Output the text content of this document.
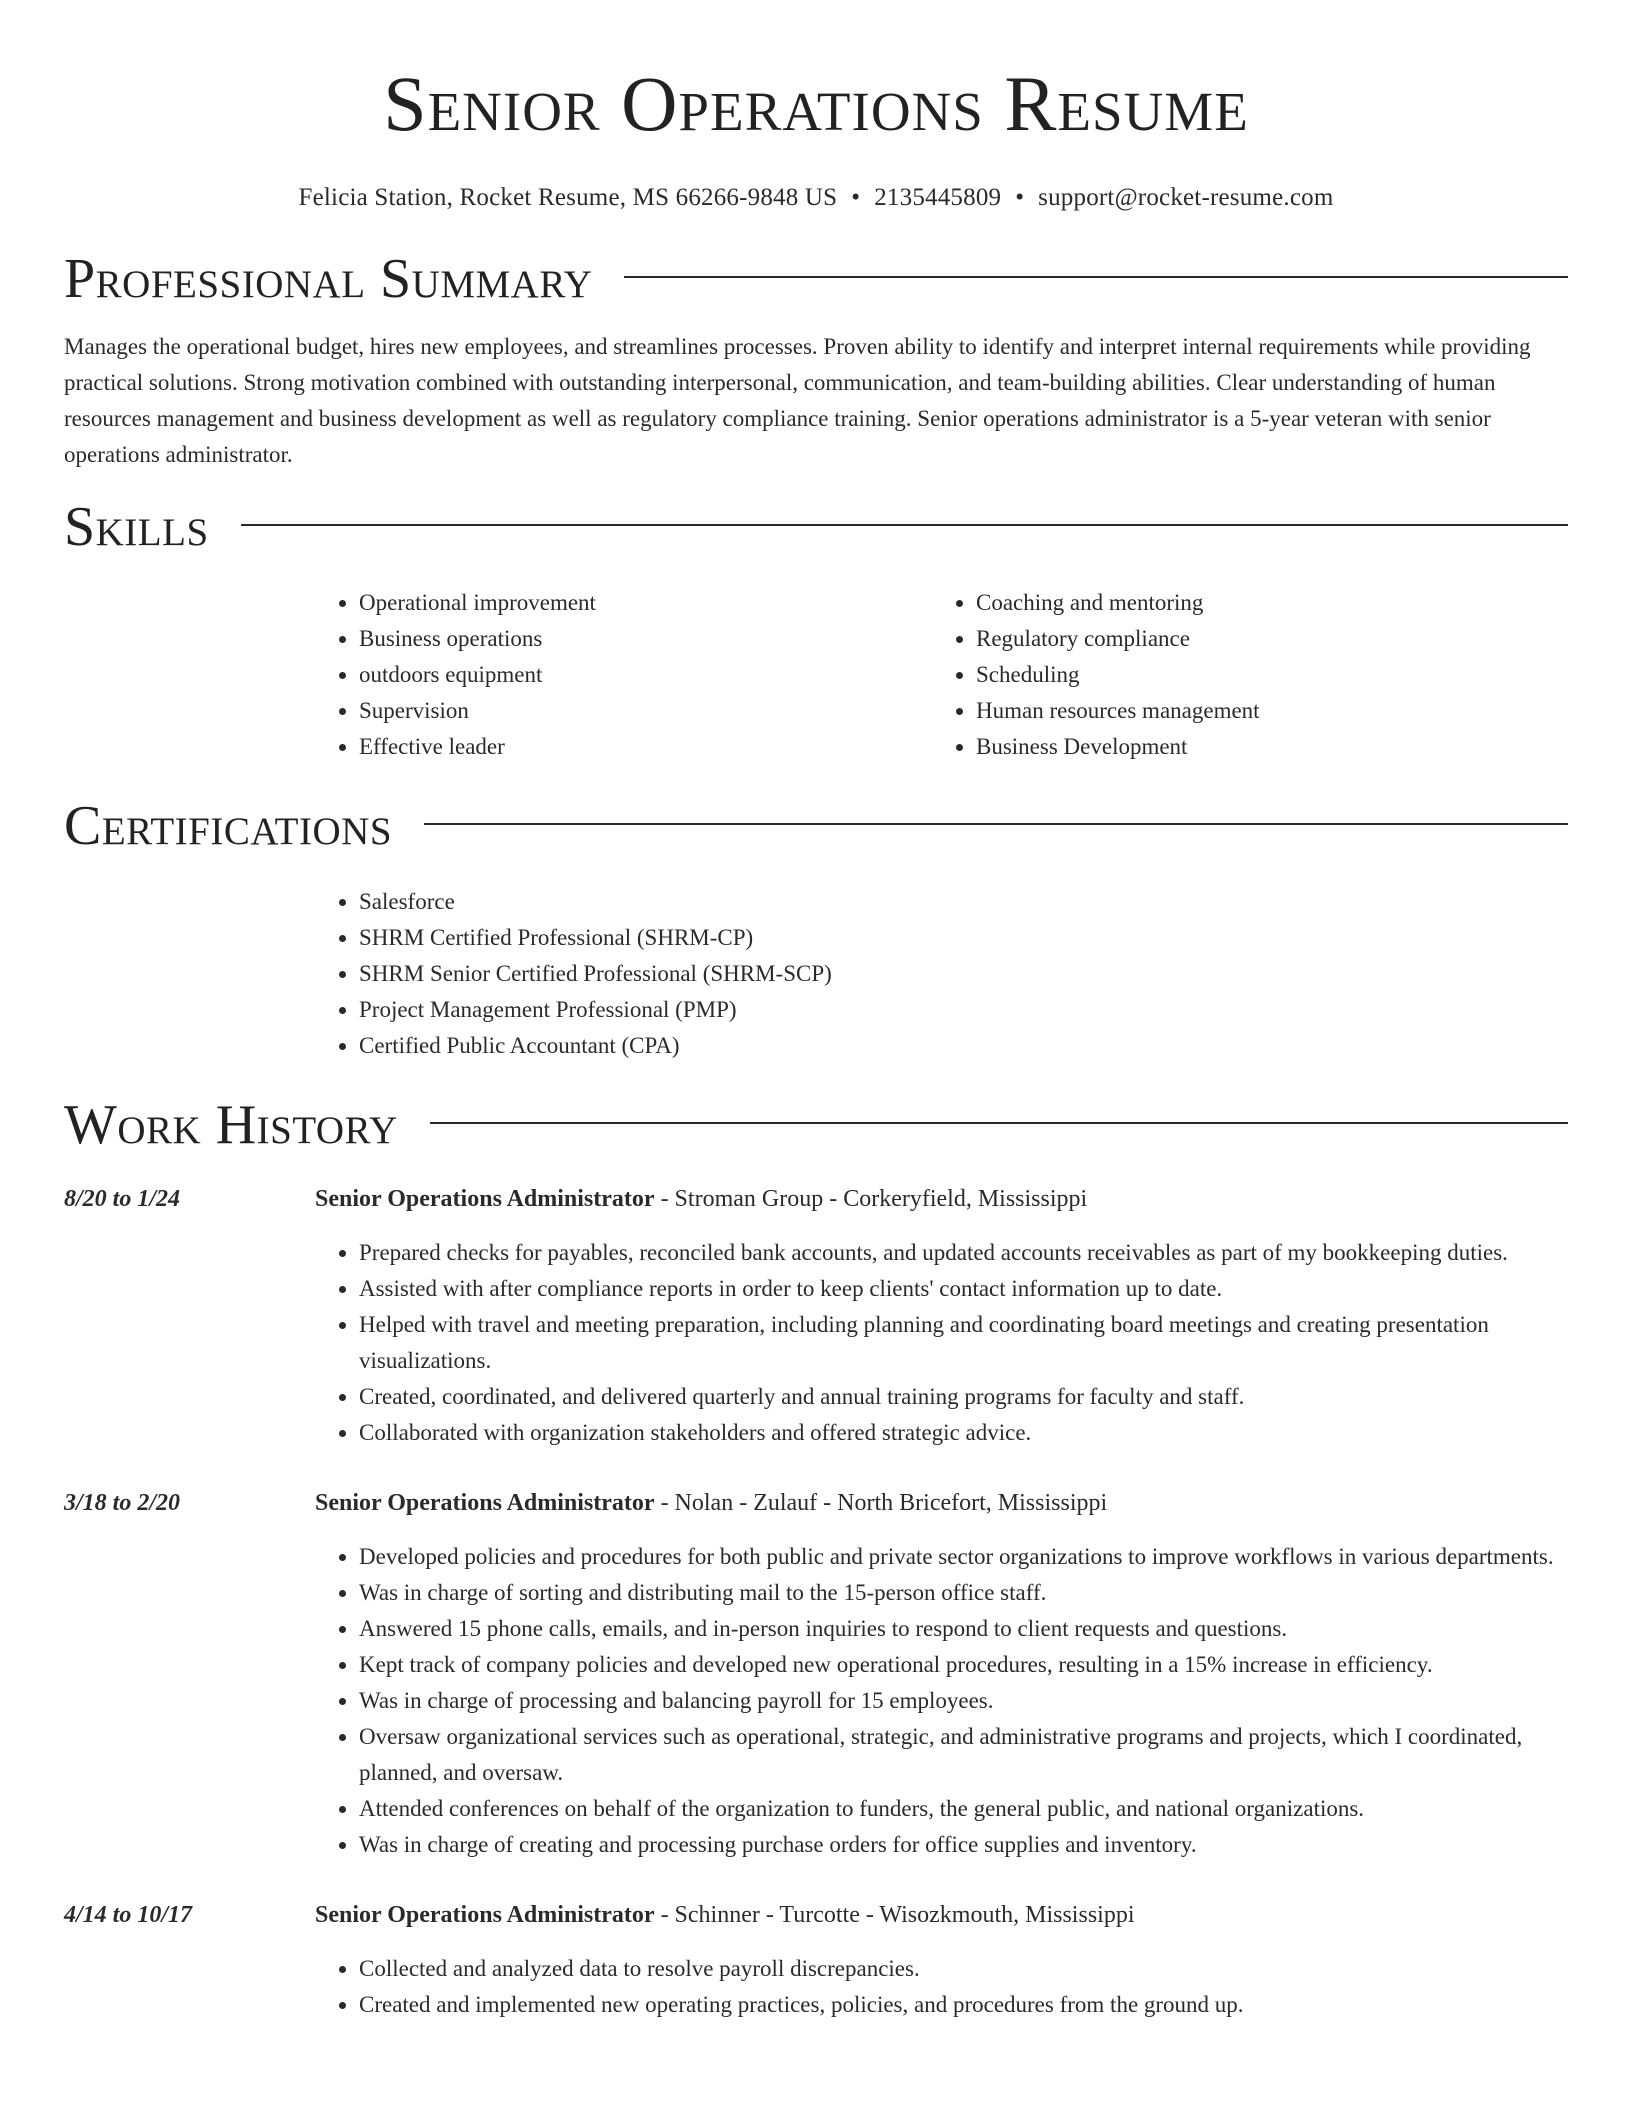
Senior Operations Resume
Felicia Station, Rocket Resume, MS 66266-9848 US • 2135445809 • support@rocket-resume.com
Professional Summary

Manages the operational budget, hires new employees, and streamlines processes. Proven ability to identify and interpret internal requirements while providing practical solutions. Strong motivation combined with outstanding interpersonal, communication, and team-building abilities. Clear understanding of human resources management and business development as well as regulatory compliance training. Senior operations administrator is a 5-year veteran with senior operations administrator.

Skills
• Operational improvement
• Business operations
• outdoors equipment
• Supervision
• Effective leader
• Coaching and mentoring
• Regulatory compliance
• Scheduling
• Human resources management
• Business Development
Certifications
• Salesforce
• SHRM Certified Professional (SHRM-CP)
• SHRM Senior Certified Professional (SHRM-SCP)
• Project Management Professional (PMP)
• Certified Public Accountant (CPA)
Work History
8/20 to 1/24	Senior Operations Administrator - Stroman Group - Corkeryfield, Mississippi
• Prepared checks for payables, reconciled bank accounts, and updated accounts receivables as part of my bookkeeping duties.
• Assisted with after compliance reports in order to keep clients' contact information up to date.
• Helped with travel and meeting preparation, including planning and coordinating board meetings and creating presentation visualizations.
• Created, coordinated, and delivered quarterly and annual training programs for faculty and staff.
• Collaborated with organization stakeholders and offered strategic advice.
3/18 to 2/20	Senior Operations Administrator - Nolan - Zulauf - North Bricefort, Mississippi
• Developed policies and procedures for both public and private sector organizations to improve workflows in various departments.
• Was in charge of sorting and distributing mail to the 15-person office staff.
• Answered 15 phone calls, emails, and in-person inquiries to respond to client requests and questions.
• Kept track of company policies and developed new operational procedures, resulting in a 15% increase in efficiency.
• Was in charge of processing and balancing payroll for 15 employees.
• Oversaw organizational services such as operational, strategic, and administrative programs and projects, which I coordinated, planned, and oversaw.
• Attended conferences on behalf of the organization to funders, the general public, and national organizations.
• Was in charge of creating and processing purchase orders for office supplies and inventory.
4/14 to 10/17	Senior Operations Administrator - Schinner - Turcotte - Wisozkmouth, Mississippi
• Collected and analyzed data to resolve payroll discrepancies.
• Created and implemented new operating practices, policies, and procedures from the ground up.
